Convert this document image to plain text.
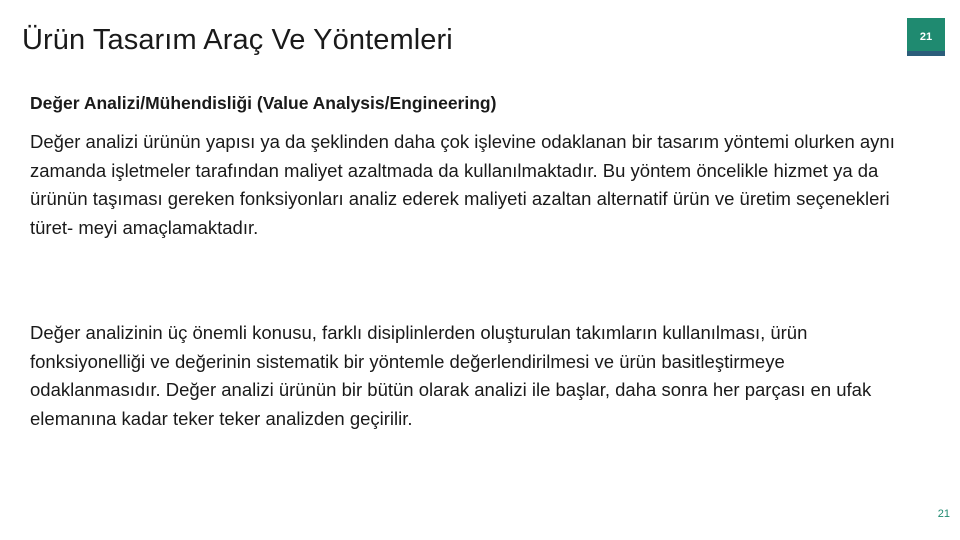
Ürün Tasarım Araç Ve Yöntemleri	21
Değer Analizi/Mühendisliği (Value Analysis/Engineering)

Değer analizi ürünün yapısı ya da şeklinden daha çok işlevine odaklanan bir tasarım yöntemi olurken aynı zamanda işletmeler tarafından maliyet azaltmada da kullanılmaktadır. Bu yöntem öncelikle hizmet ya da ürünün taşıması gereken fonksiyonları analiz ederek maliyeti azaltan alternatif ürün ve üretim seçenekleri türet- meyi amaçlamaktadır.

Değer analizinin üç önemli konusu, farklı disiplinlerden oluşturulan takımların kullanılması, ürün fonksiyonelliği ve değerinin sistematik bir yöntemle değerlendirilmesi ve ürün basitleştirmeye odaklanmasıdır. Değer analizi ürünün bir bütün olarak analizi ile başlar, daha sonra her parçası en ufak elemanına kadar teker teker analizden geçirilir.

21
